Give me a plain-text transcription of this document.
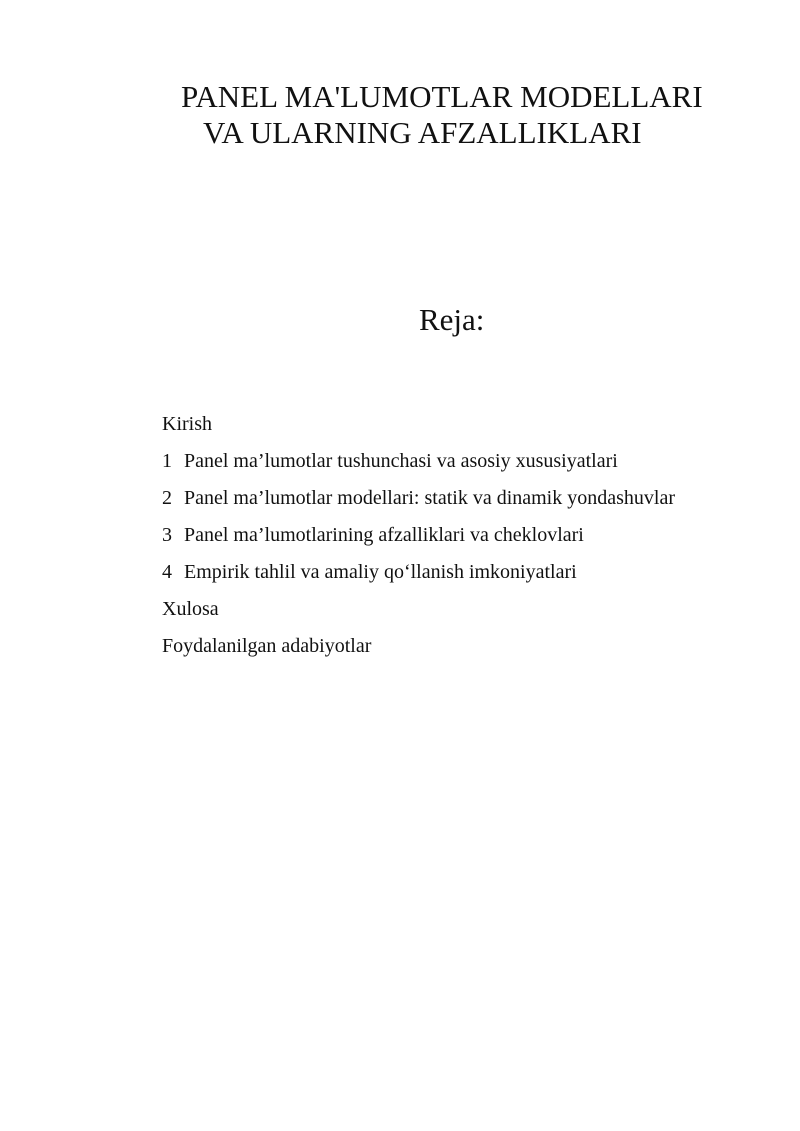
PANEL MA'LUMOTLAR MODELLARI
VA ULARNING AFZALLIKLARI
Reja:
Kirish
1 Panel ma’lumotlar tushunchasi va asosiy xususiyatlari
2 Panel ma’lumotlar modellari: statik va dinamik yondashuvlar
3 Panel ma’lumotlarining afzalliklari va cheklovlari
4 Empirik tahlil va amaliy qo‘llanish imkoniyatlari
Xulosa
Foydalanilgan adabiyotlar
